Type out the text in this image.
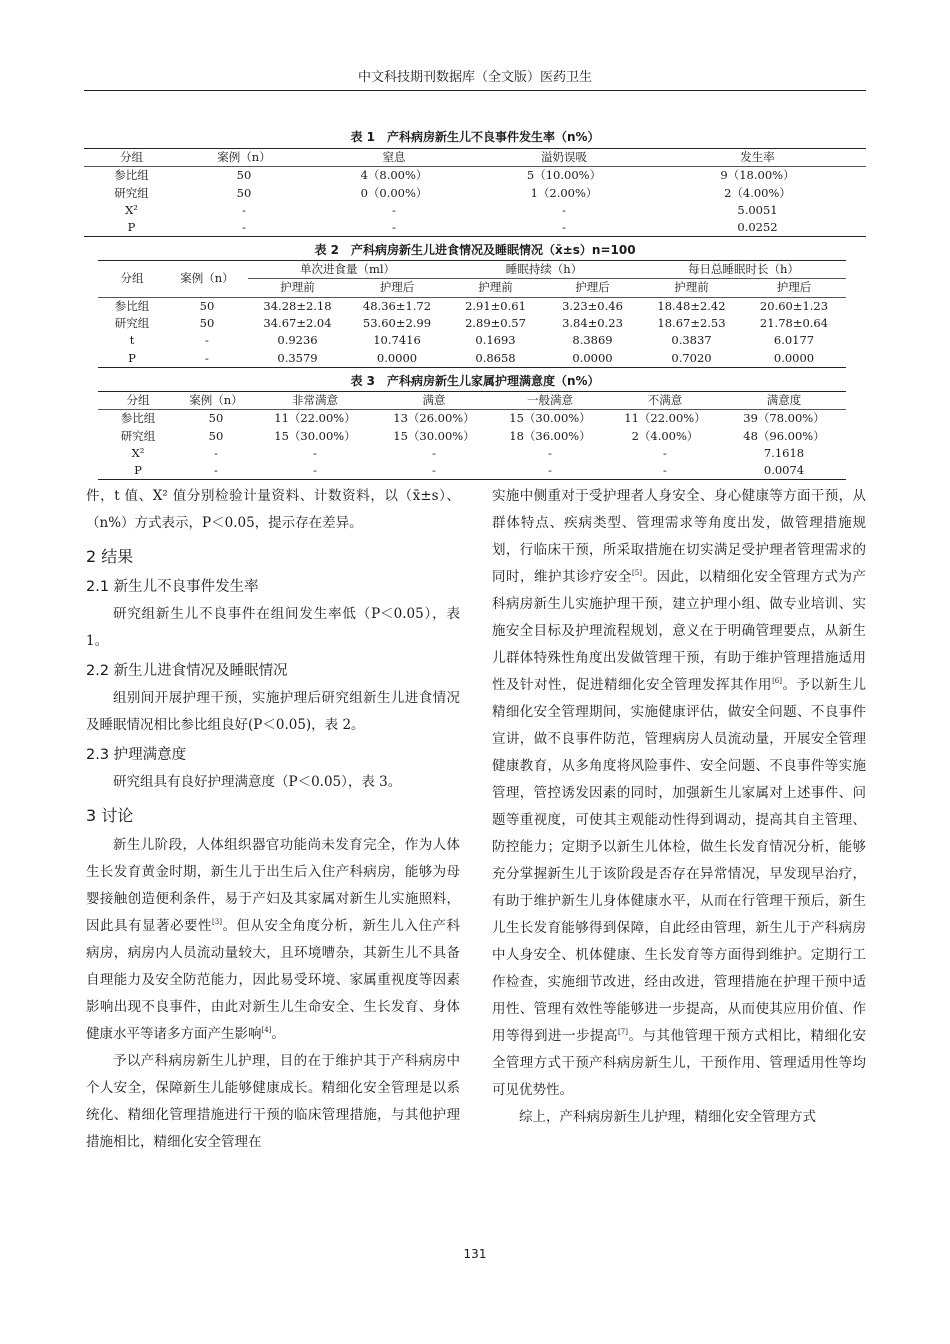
中文科技期刊数据库（全文版）医药卫生
表 1　产科病房新生儿不良事件发生率（n%）
分组	案例（n）	窒息	溢奶误吸	发生率
参比组	50	4（8.00%）	5（10.00%）	9（18.00%）
研究组	50	0（0.00%）	1（2.00%）	2（4.00%）
X²	-	-	-	5.0051
P	-	-	-	0.0252
表 2　产科病房新生儿进食情况及睡眠情况（x̄±s）n=100
分组	案例（n）	单次进食量（ml）		睡眠持续（h）		每日总睡眠时长（h）	
		护理前	护理后	护理前	护理后	护理前	护理后
参比组	50	34.28±2.18	48.36±1.72	2.91±0.61	3.23±0.46	18.48±2.42	20.60±1.23
研究组	50	34.67±2.04	53.60±2.99	2.89±0.57	3.84±0.23	18.67±2.53	21.78±0.64
t	-	0.9236	10.7416	0.1693	8.3869	0.3837	6.0177
P	-	0.3579	0.0000	0.8658	0.0000	0.7020	0.0000
表 3　产科病房新生儿家属护理满意度（n%）
分组	案例（n）	非常满意	满意	一般满意	不满意	满意度
参比组	50	11（22.00%）	13（26.00%）	15（30.00%）	11（22.00%）	39（78.00%）
研究组	50	15（30.00%）	15（30.00%）	18（36.00%）	2（4.00%）	48（96.00%）
X²	-	-	-	-	-	7.1618
P	-	-	-	-	-	0.0074

件，t 值、X² 值分别检验计量资料、计数资料，以（x̄±s）、（n%）方式表示，P＜0.05，提示存在差异。

2 结果
2.1 新生儿不良事件发生率

研究组新生儿不良事件在组间发生率低（P＜0.05），表 1。

2.2 新生儿进食情况及睡眠情况

组别间开展护理干预，实施护理后研究组新生儿进食情况及睡眠情况相比参比组良好(P＜0.05)，表 2。

2.3 护理满意度

研究组具有良好护理满意度（P＜0.05），表 3。

3 讨论

新生儿阶段，人体组织器官功能尚未发育完全，作为人体生长发育黄金时期，新生儿于出生后入住产科病房，能够为母婴接触创造便利条件，易于产妇及其家属对新生儿实施照料，因此具有显著必要性[3]。但从安全角度分析，新生儿入住产科病房，病房内人员流动量较大，且环境嘈杂，其新生儿不具备自理能力及安全防范能力，因此易受环境、家属重视度等因素影响出现不良事件，由此对新生儿生命安全、生长发育、身体健康水平等诸多方面产生影响[4]。

予以产科病房新生儿护理，目的在于维护其于产科病房中个人安全，保障新生儿能够健康成长。精细化安全管理是以系统化、精细化管理措施进行干预的临床管理措施，与其他护理措施相比，精细化安全管理在

实施中侧重对于受护理者人身安全、身心健康等方面干预，从群体特点、疾病类型、管理需求等角度出发，做管理措施规划，行临床干预，所采取措施在切实满足受护理者管理需求的同时，维护其诊疗安全[5]。因此，以精细化安全管理方式为产科病房新生儿实施护理干预，建立护理小组、做专业培训、实施安全目标及护理流程规划，意义在于明确管理要点，从新生儿群体特殊性角度出发做管理干预，有助于维护管理措施适用性及针对性，促进精细化安全管理发挥其作用[6]。予以新生儿精细化安全管理期间，实施健康评估，做安全问题、不良事件宣讲，做不良事件防范，管理病房人员流动量，开展安全管理健康教育，从多角度将风险事件、安全问题、不良事件等实施管理，管控诱发因素的同时，加强新生儿家属对上述事件、问题等重视度，可使其主观能动性得到调动，提高其自主管理、防控能力；定期予以新生儿体检，做生长发育情况分析，能够充分掌握新生儿于该阶段是否存在异常情况，早发现早治疗，有助于维护新生儿身体健康水平，从而在行管理干预后，新生儿生长发育能够得到保障，自此经由管理，新生儿于产科病房中人身安全、机体健康、生长发育等方面得到维护。定期行工作检查，实施细节改进，经由改进，管理措施在护理干预中适用性、管理有效性等能够进一步提高，从而使其应用价值、作用等得到进一步提高[7]。与其他管理干预方式相比，精细化安全管理方式干预产科病房新生儿，干预作用、管理适用性等均可见优势性。

综上，产科病房新生儿护理，精细化安全管理方式

131
